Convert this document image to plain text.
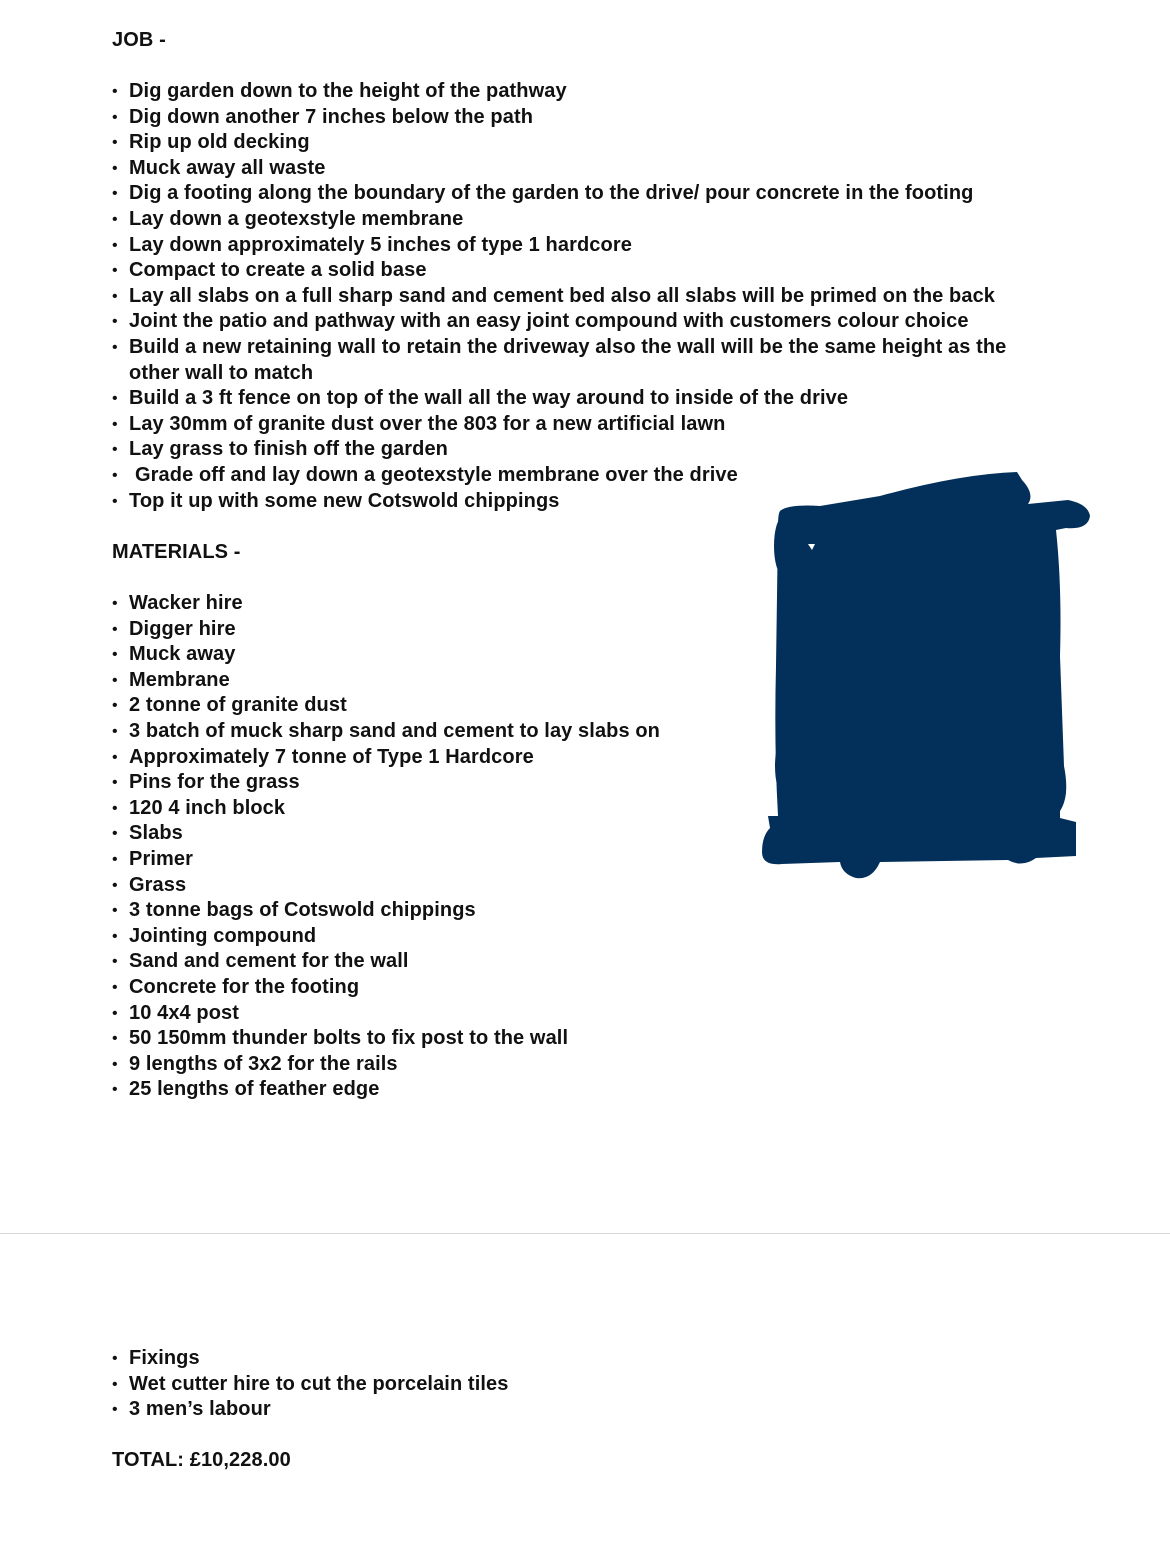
JOB -
• Dig garden down to the height of the pathway
• Dig down another 7 inches below the path
• Rip up old decking
• Muck away all waste
• Dig a footing along the boundary of the garden to the drive/ pour concrete in the footing
• Lay down a geotexstyle membrane
• Lay down approximately 5 inches of type 1 hardcore
• Compact to create a solid base
• Lay all slabs on a full sharp sand and cement bed also all slabs will be primed on the back
• Joint the patio and pathway with an easy joint compound with customers colour choice
• Build a new retaining wall to retain the driveway also the wall will be the same height as the other wall to match
• Build a 3 ft fence on top of the wall all the way around to inside of the drive
• Lay 30mm of granite dust over the 803 for a new artificial lawn
• Lay grass to finish off the garden
• Grade off and lay down a geotexstyle membrane over the drive
• Top it up with some new Cotswold chippings
MATERIALS -
• Wacker hire
• Digger hire
• Muck away
• Membrane
• 2 tonne of granite dust
• 3 batch of muck sharp sand and cement to lay slabs on
• Approximately 7 tonne of Type 1 Hardcore
• Pins for the grass
• 120 4 inch block
• Slabs
• Primer
• Grass
• 3 tonne bags of Cotswold chippings
• Jointing compound
• Sand and cement for the wall
• Concrete for the footing
• 10 4x4 post
• 50 150mm thunder bolts to fix post to the wall
• 9 lengths of 3x2 for the rails
• 25 lengths of feather edge
• Fixings
• Wet cutter hire to cut the porcelain tiles
• 3 men’s labour
TOTAL: £10,228.00
